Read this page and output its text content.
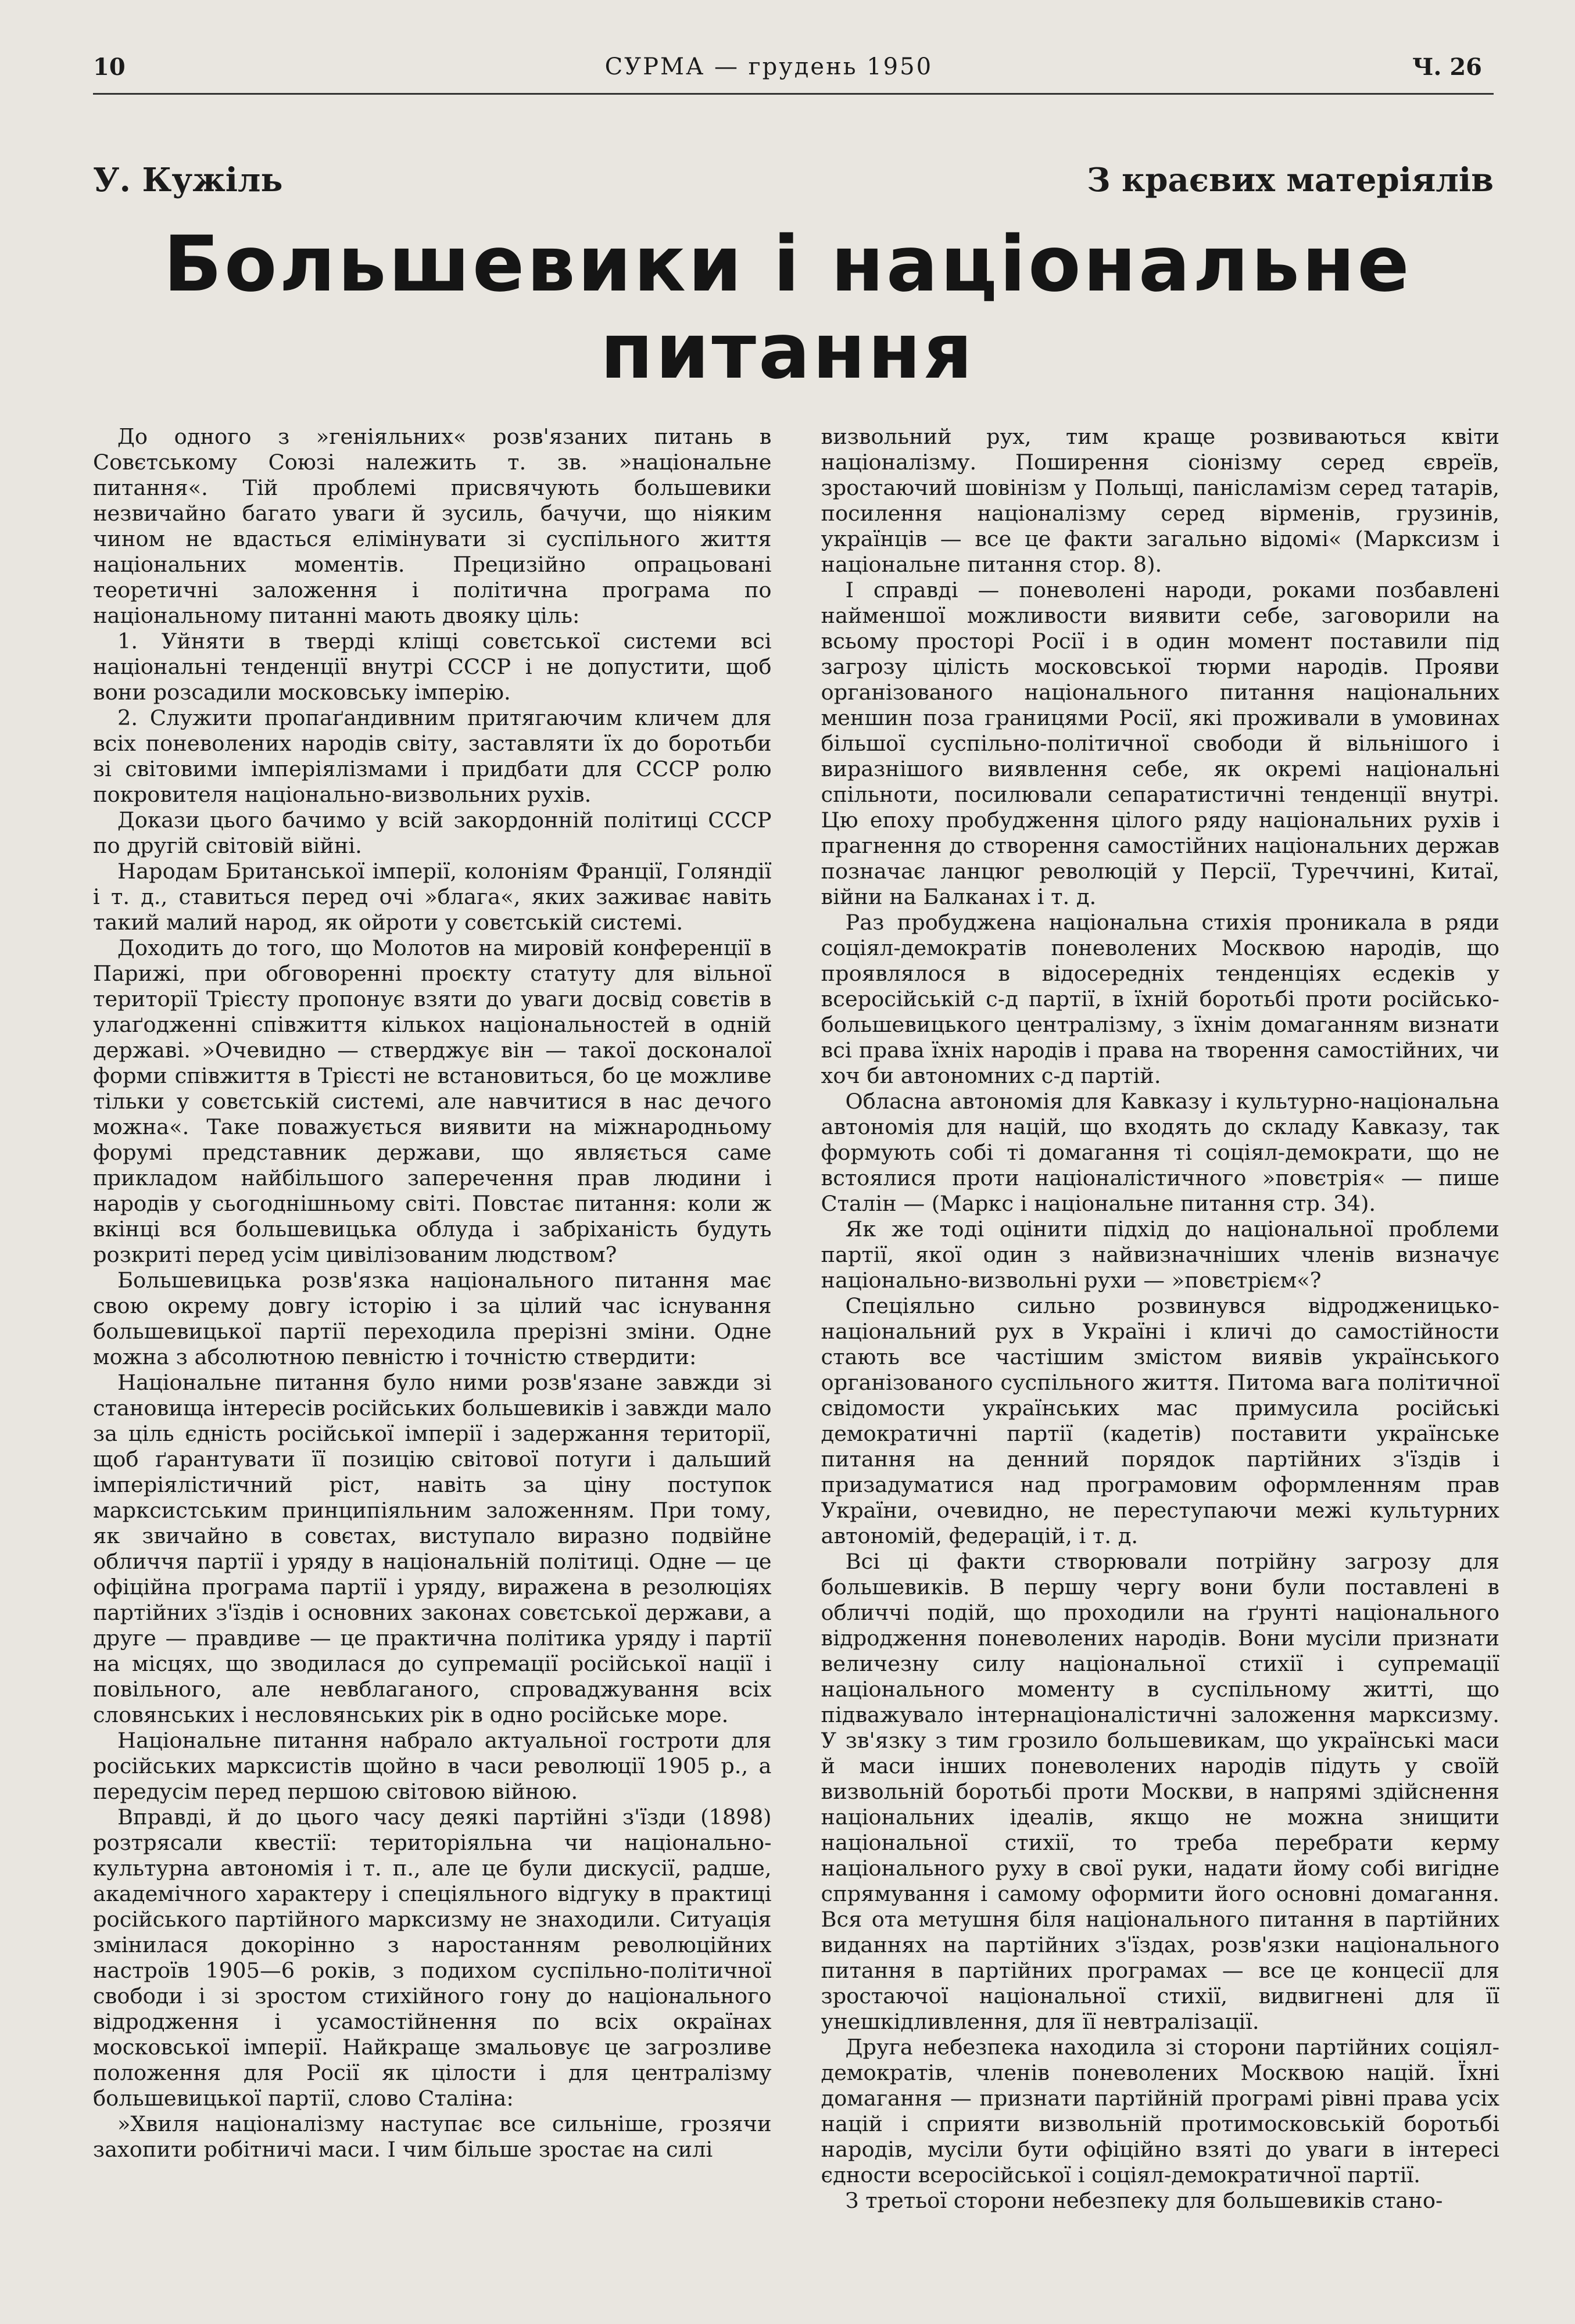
10	СУРМА — грудень 1950	Ч. 26
У. Кужіль	З краєвих матеріялів
Большевики і національне
питання

До одного з »геніяльних« розв'язаних питань в Совєтському Союзі належить т. зв. »національне питання«. Тій проблемі присвячують большевики незвичайно багато уваги й зусиль, бачучи, що ніяким чином не вдасться елімінувати зі суспільного життя національних моментів. Прецизійно опрацьовані теоретичні заложення і політична програма по національному питанні мають двояку ціль:

1. Уйняти в тверді кліщі совєтської системи всі національні тенденції внутрі СССР і не допустити, щоб вони розсадили московську імперію.

2. Служити пропаґандивним притягаючим кличем для всіх поневолених народів світу, заставляти їх до боротьби зі світовими імперіялізмами і придбати для СССР ролю покровителя національно-визвольних рухів.

Докази цього бачимо у всій закордонній політиці СССР по другій світовій війні.

Народам Британської імперії, колоніям Франції, Голяндії і т. д., ставиться перед очі »блага«, яких заживає навіть такий малий народ, як ойроти у совєтській системі.

Доходить до того, що Молотов на мировій конференції в Парижі, при обговоренні проєкту статуту для вільної території Трієсту пропонує взяти до уваги досвід совєтів в улаґодженні співжиття кількох національностей в одній державі. »Очевидно — стверджує він — такої досконалої форми співжиття в Трієсті не встановиться, бо це можливе тільки у совєтській системі, але навчитися в нас дечого можна«. Таке поважується виявити на міжнародньому форумі представник держави, що являється саме прикладом найбільшого заперечення прав людини і народів у сьогоднішньому світі. Повстає питання: коли ж вкінці вся большевицька облуда і забріханість будуть розкриті перед усім цивілізованим людством?

Большевицька розв'язка національного питання має свою окрему довгу історію і за цілий час існування большевицької партії переходила прерізні зміни. Одне можна з абсолютною певністю і точністю ствердити:

Національне питання було ними розв'язане завжди зі становища інтересів російських большевиків і завжди мало за ціль єдність російської імперії і задержання території, щоб ґарантувати її позицію світової потуги і дальший імперіялістичний ріст, навіть за ціну поступок марксистським принципіяльним заложенням. При тому, як звичайно в совєтах, виступало виразно подвійне обличчя партії і уряду в національній політиці. Одне — це офіційна програма партії і уряду, виражена в резолюціях партійних з'їздів і основних законах совєтської держави, а друге — правдиве — це практична політика уряду і партії на місцях, що зводилася до супремації російської нації і повільного, але невблаганого, спроваджування всіх словянських і несловянських рік в одно російське море.

Національне питання набрало актуальної гостроти для російських марксистів щойно в часи революції 1905 р., а передусім перед першою світовою війною.

Вправді, й до цього часу деякі партійні з'їзди (1898) розтрясали квестії: територіяльна чи національно-культурна автономія і т. п., але це були дискусії, радше, академічного характеру і спеціяльного відгуку в практиці російського партійного марксизму не знаходили. Ситуація змінилася докорінно з наростанням революційних настроїв 1905—6 років, з подихом суспільно-політичної свободи і зі зростом стихійного гону до національного відродження і усамостійнення по всіх окраїнах московської імперії. Найкраще змальовує це загрозливе положення для Росії як цілости і для централізму большевицької партії, слово Сталіна:

»Хвиля націоналізму наступає все сильніше, грозячи захопити робітничі маси. І чим більше зростає на силі

визвольний рух, тим краще розвиваються квіти націоналізму. Поширення сіонізму серед євреїв, зростаючий шовінізм у Польщі, панісламізм серед татарів, посилення націоналізму серед вірменів, грузинів, українців — все це факти загально відомі« (Марксизм і національне питання стор. 8).

І справді — поневолені народи, роками позбавлені найменшої можливости виявити себе, заговорили на всьому просторі Росії і в один момент поставили під загрозу цілість московської тюрми народів. Прояви організованого національного питання національних меншин поза границями Росії, які проживали в умовинах більшої суспільно-політичної свободи й вільнішого і виразнішого виявлення себе, як окремі національні спільноти, посилювали сепаратистичні тенденції внутрі. Цю епоху пробудження цілого ряду національних рухів і прагнення до створення самостійних національних держав позначає ланцюг революцій у Персії, Туреччині, Китаї, війни на Балканах і т. д.

Раз пробуджена національна стихія проникала в ряди соціял-демократів поневолених Москвою народів, що проявлялося в відосередніх тенденціях есдеків у всеросійській с-д партії, в їхній боротьбі проти російсько-большевицького централізму, з їхнім домаганням визнати всі права їхніх народів і права на творення самостійних, чи хоч би автономних с-д партій.

Обласна автономія для Кавказу і культурно-національна автономія для націй, що входять до складу Кавказу, так формують собі ті домагання ті соціял-демократи, що не встоялися проти націоналістичного »повєтрія« — пише Сталін — (Маркс і національне питання стр. 34).

Як же тоді оцінити підхід до національної проблеми партії, якої один з найвизначніших членів визначує національно-визвольні рухи — »повєтрієм«?

Спеціяльно сильно розвинувся відродженицько-національний рух в Україні і кличі до самостійности стають все частішим змістом виявів українського організованого суспільного життя. Питома вага політичної свідомости українських мас примусила російські демократичні партії (кадетів) поставити українське питання на денний порядок партійних з'їздів і призадуматися над програмовим оформленням прав України, очевидно, не переступаючи межі культурних автономій, федерацій, і т. д.

Всі ці факти створювали потрійну загрозу для большевиків. В першу чергу вони були поставлені в обличчі подій, що проходили на ґрунті національного відродження поневолених народів. Вони мусіли признати величезну силу національної стихії і супремації національного моменту в суспільному житті, що підважувало інтернаціоналістичні заложення марксизму. У зв'язку з тим грозило большевикам, що українські маси й маси інших поневолених народів підуть у своїй визвольній боротьбі проти Москви, в напрямі здійснення національних ідеалів, якщо не можна знищити національної стихії, то треба перебрати керму національного руху в свої руки, надати йому собі вигідне спрямування і самому оформити його основні домагання. Вся ота метушня біля національного питання в партійних виданнях на партійних з'їздах, розв'язки національного питання в партійних програмах — все це концесії для зростаючої національної стихії, видвигнені для її унешкідливлення, для її невтралізації.

Друга небезпека находила зі сторони партійних соціял-демократів, членів поневолених Москвою націй. Їхні домагання — признати партійній програмі рівні права усіх націй і сприяти визвольній протимосковській боротьбі народів, мусіли бути офіційно взяті до уваги в інтересі єдности всеросійської і соціял-демократичної партії.

З третьої сторони небезпеку для большевиків стано-
